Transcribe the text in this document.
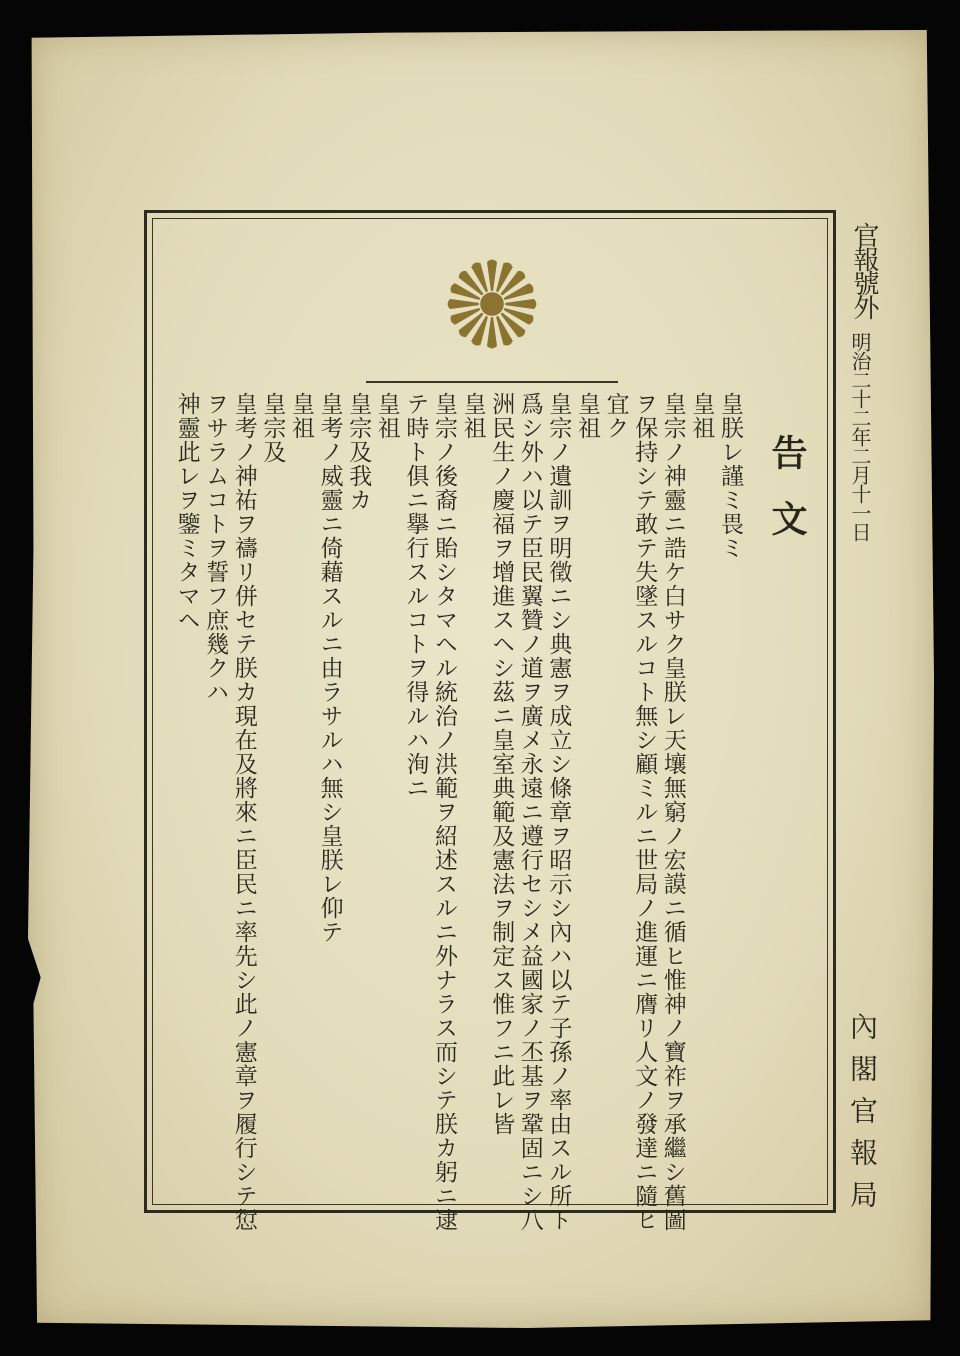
官報號外
明治二十二年二月十一日
內閣官報局
告文
皇朕レ謹ミ畏ミ
皇祖
皇宗ノ神靈ニ誥ケ白サク皇朕レ天壤無窮ノ宏謨ニ循ヒ惟神ノ寶祚ヲ承繼シ舊圖
ヲ保持シテ敢テ失墜スルコト無シ顧ミルニ世局ノ進運ニ膺リ人文ノ發達ニ隨ヒ
宜ク
皇祖
皇宗ノ遺訓ヲ明徵ニシ典憲ヲ成立シ條章ヲ昭示シ內ハ以テ子孫ノ率由スル所ト
爲シ外ハ以テ臣民翼贊ノ道ヲ廣メ永遠ニ遵行セシメ益國家ノ丕基ヲ鞏固ニシ八
洲民生ノ慶福ヲ增進スヘシ茲ニ皇室典範及憲法ヲ制定ス惟フニ此レ皆
皇祖
皇宗ノ後裔ニ貽シタマヘル統治ノ洪範ヲ紹述スルニ外ナラス而シテ朕カ躬ニ逮
テ時ト俱ニ擧行スルコトヲ得ルハ洵ニ
皇祖
皇宗及我カ
皇考ノ威靈ニ倚藉スルニ由ラサルハ無シ皇朕レ仰テ
皇祖
皇宗及
皇考ノ神祐ヲ禱リ併セテ朕カ現在及將來ニ臣民ニ率先シ此ノ憲章ヲ履行シテ愆
ヲサラムコトヲ誓フ庶幾クハ
神靈此レヲ鑒ミタマヘ
